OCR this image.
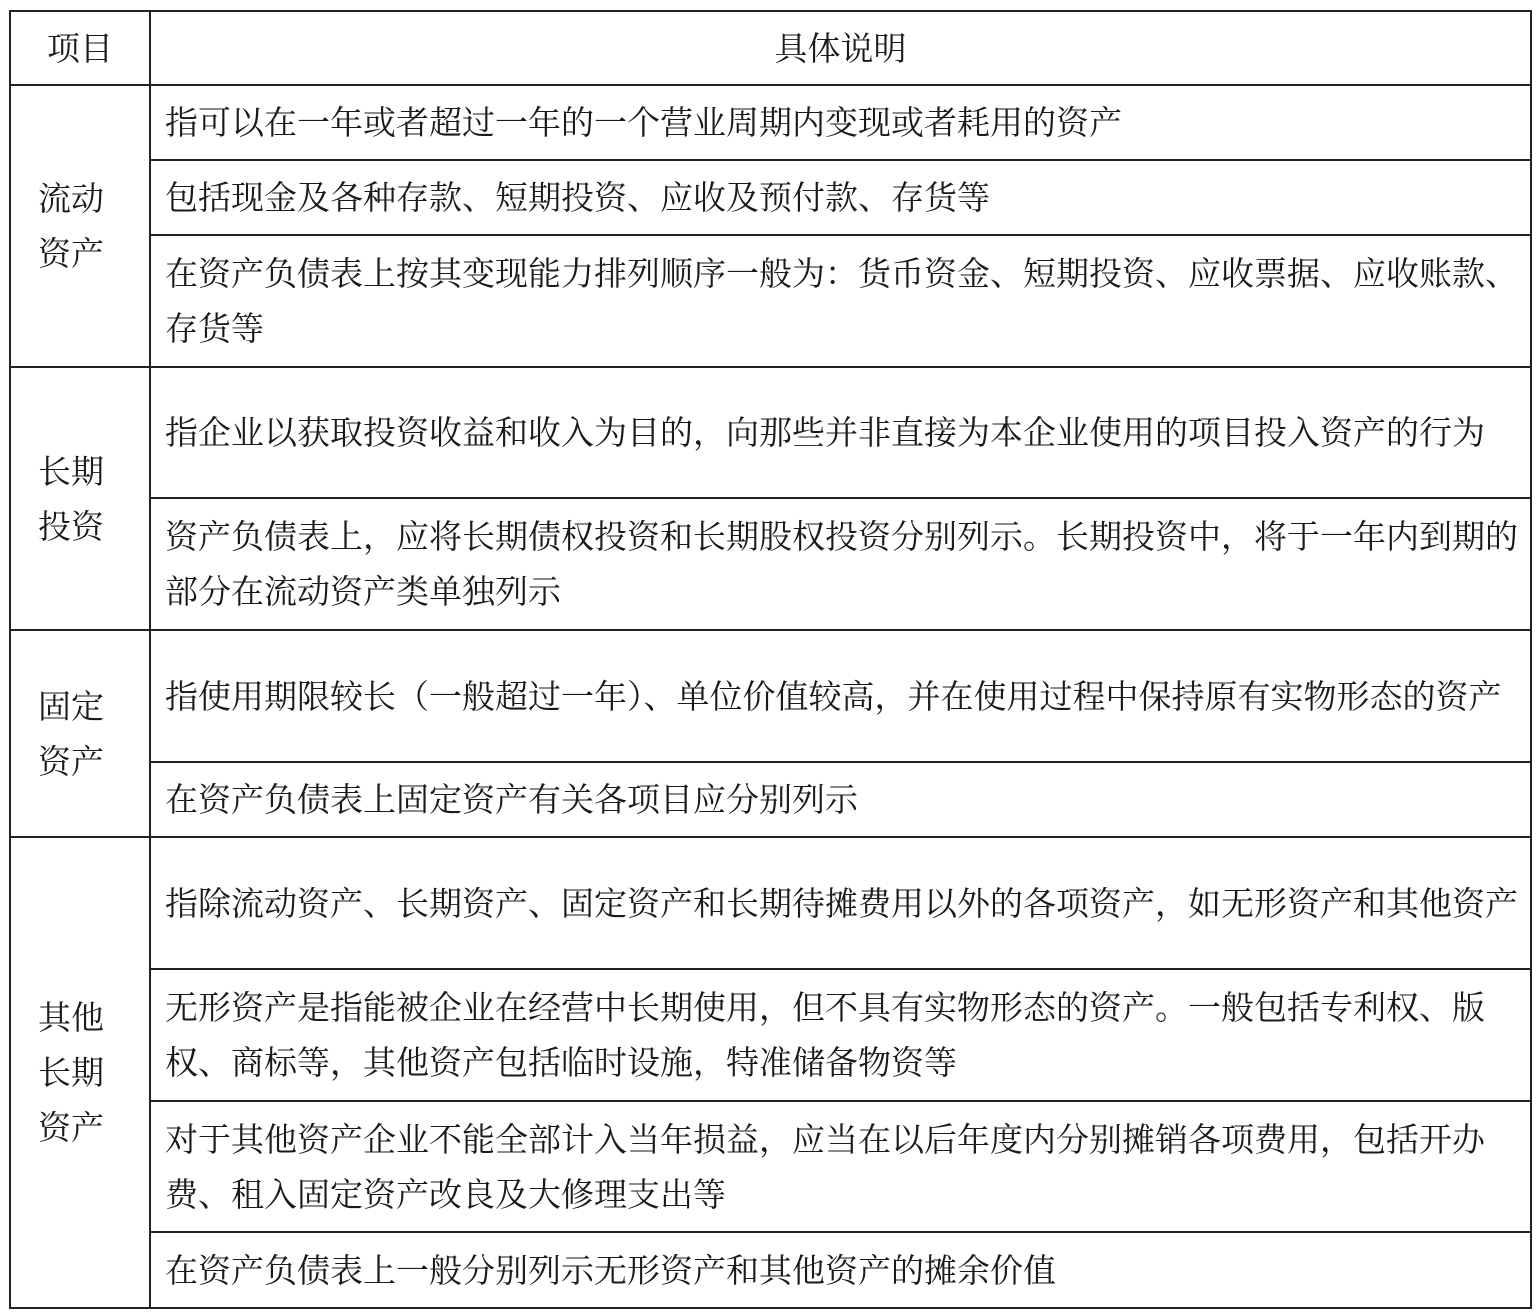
项目	具体说明
流动资产	指可以在一年或者超过一年的一个营业周期内变现或者耗用的资产
	包括现金及各种存款、短期投资、应收及预付款、存货等
	在资产负债表上按其变现能力排列顺序一般为：货币资金、短期投资、应收票据、应收账款、存货等
长期投资	指企业以获取投资收益和收入为目的，向那些并非直接为本企业使用的项目投入资产的行为
	资产负债表上，应将长期债权投资和长期股权投资分别列示。长期投资中，将于一年内到期的部分在流动资产类单独列示
固定资产	指使用期限较长（一般超过一年）、单位价值较高，并在使用过程中保持原有实物形态的资产
	在资产负债表上固定资产有关各项目应分别列示
其他长期资产	指除流动资产、长期资产、固定资产和长期待摊费用以外的各项资产，如无形资产和其他资产
	无形资产是指能被企业在经营中长期使用，但不具有实物形态的资产。一般包括专利权、版权、商标等，其他资产包括临时设施，特准储备物资等
	对于其他资产企业不能全部计入当年损益，应当在以后年度内分别摊销各项费用，包括开办费、租入固定资产改良及大修理支出等
	在资产负债表上一般分别列示无形资产和其他资产的摊余价值
